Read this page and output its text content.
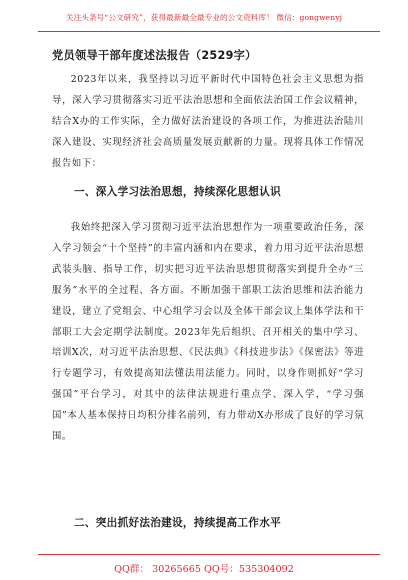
关注头条号“公文研究”，获得最新最全最专业的公文资料库！ 微信：gongwenyj
党员领导干部年度述法报告（2529字）

2023年以来，我坚持以习近平新时代中国特色社会主义思想为指导，深入学习贯彻落实习近平法治思想和全面依法治国工作会议精神，结合X办的工作实际，全力做好法治建设的各项工作，为推进法治陆川深入建设、实现经济社会高质量发展贡献新的力量。现将具体工作情况报告如下：

一、深入学习法治思想，持续深化思想认识

我始终把深入学习贯彻习近平法治思想作为一项重要政治任务，深入学习领会“十个坚持”的丰富内涵和内在要求，着力用习近平法治思想武装头脑、指导工作，切实把习近平法治思想贯彻落实到提升全办“三服务”水平的全过程、各方面。不断加强干部职工法治思维和法治能力建设，建立了党组会、中心组学习会以及全体干部会议上集体学法和干部职工大会定期学法制度。2023年先后组织、召开相关的集中学习、培训X次，对习近平法治思想、《民法典》《科技进步法》《保密法》等进行专题学习，有效提高知法懂法用法能力。同时，以身作则抓好“学习强国”平台学习，对其中的法律法规进行重点学、深入学，“学习强国”本人基本保持日均积分排名前列，有力带动X办形成了良好的学习氛围。

二、突出抓好法治建设，持续提高工作水平
QQ群： 30265665 QQ号：535304092
